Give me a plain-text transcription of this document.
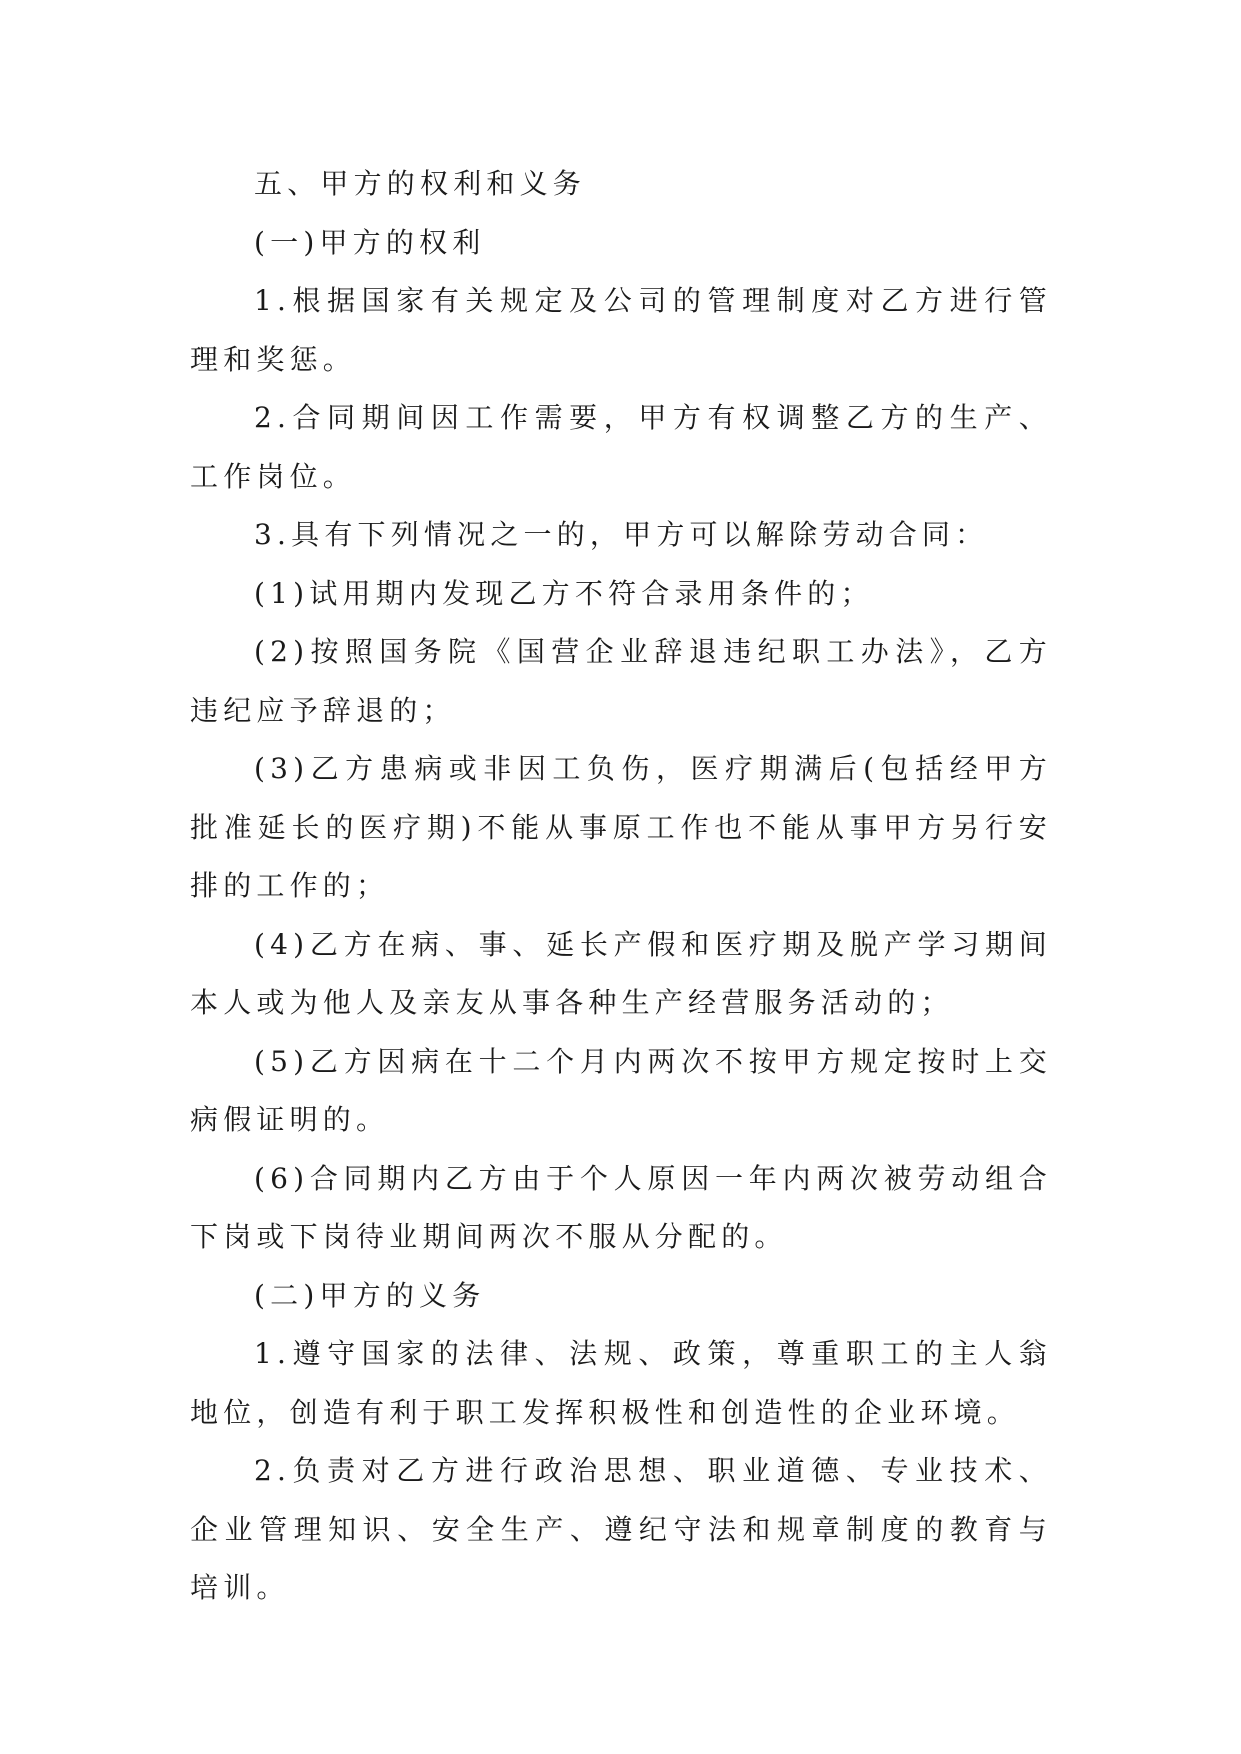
五、甲方的权利和义务

(一)甲方的权利

1.根据国家有关规定及公司的管理制度对乙方进行管理和奖惩。

2.合同期间因工作需要，甲方有权调整乙方的生产、工作岗位。

3.具有下列情况之一的，甲方可以解除劳动合同：

(1)试用期内发现乙方不符合录用条件的；

(2)按照国务院《国营企业辞退违纪职工办法》，乙方违纪应予辞退的；

(3)乙方患病或非因工负伤，医疗期满后(包括经甲方批准延长的医疗期)不能从事原工作也不能从事甲方另行安排的工作的；

(4)乙方在病、事、延长产假和医疗期及脱产学习期间本人或为他人及亲友从事各种生产经营服务活动的；

(5)乙方因病在十二个月内两次不按甲方规定按时上交病假证明的。

(6)合同期内乙方由于个人原因一年内两次被劳动组合下岗或下岗待业期间两次不服从分配的。

(二)甲方的义务

1.遵守国家的法律、法规、政策，尊重职工的主人翁地位，创造有利于职工发挥积极性和创造性的企业环境。

2.负责对乙方进行政治思想、职业道德、专业技术、企业管理知识、安全生产、遵纪守法和规章制度的教育与培训。
